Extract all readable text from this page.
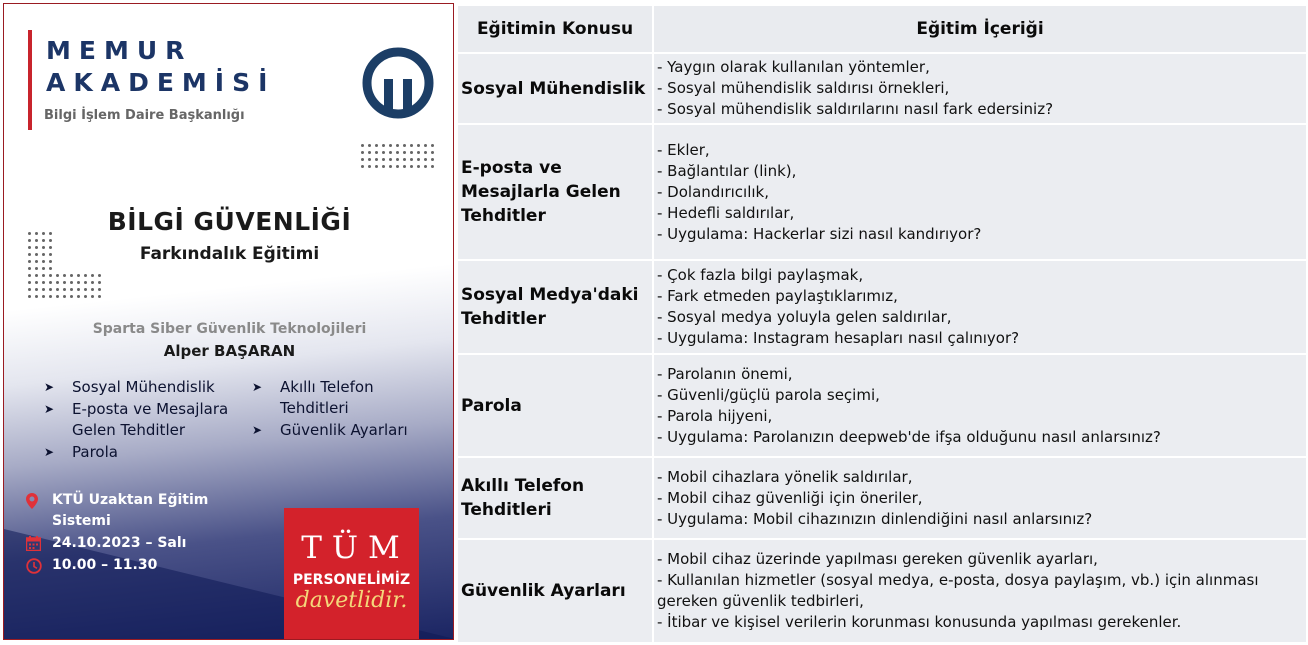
MEMUR
AKADEMİSİ
Bilgi İşlem Daire Başkanlığı
BİLGİ GÜVENLİĞİ
Farkındalık Eğitimi
Sparta Siber Güvenlik Teknolojileri
Alper BAŞARAN
➤	Sosyal Mühendislik
➤	E-posta ve Mesajlara
Gelen Tehditler
➤	Parola
➤	Akıllı Telefon
Tehditleri
➤	Güvenlik Ayarları
KTÜ Uzaktan Eğitim
Sistemi
24.10.2023 – Salı
10.00 – 11.30	TÜM
PERSONELİMİZ
davetlidir.
Eğitimin Konusu	Eğitim İçeriği
Sosyal Mühendislik	- Yaygın olarak kullanılan yöntemler,
- Sosyal mühendislik saldırısı örnekleri,
- Sosyal mühendislik saldırılarını nasıl fark edersiniz?

E-posta ve Mesajlarla Gelen Tehditler	- Ekler,
- Bağlantılar (link),
- Dolandırıcılık,
- Hedefli saldırılar,
- Uygulama: Hackerlar sizi nasıl kandırıyor?

Sosyal Medya'daki Tehditler	- Çok fazla bilgi paylaşmak,
- Fark etmeden paylaştıklarımız,
- Sosyal medya yoluyla gelen saldırılar,
- Uygulama: Instagram hesapları nasıl çalınıyor?

Parola	- Parolanın önemi,
- Güvenli/güçlü parola seçimi,
- Parola hijyeni,
- Uygulama: Parolanızın deepweb'de ifşa olduğunu nasıl anlarsınız?

Akıllı Telefon Tehditleri	- Mobil cihazlara yönelik saldırılar,
- Mobil cihaz güvenliği için öneriler,
- Uygulama: Mobil cihazınızın dinlendiğini nasıl anlarsınız?

Güvenlik Ayarları	- Mobil cihaz üzerinde yapılması gereken güvenlik ayarları,
- Kullanılan hizmetler (sosyal medya, e-posta, dosya paylaşım, vb.) için alınması gereken güvenlik tedbirleri,
- İtibar ve kişisel verilerin korunması konusunda yapılması gerekenler.
